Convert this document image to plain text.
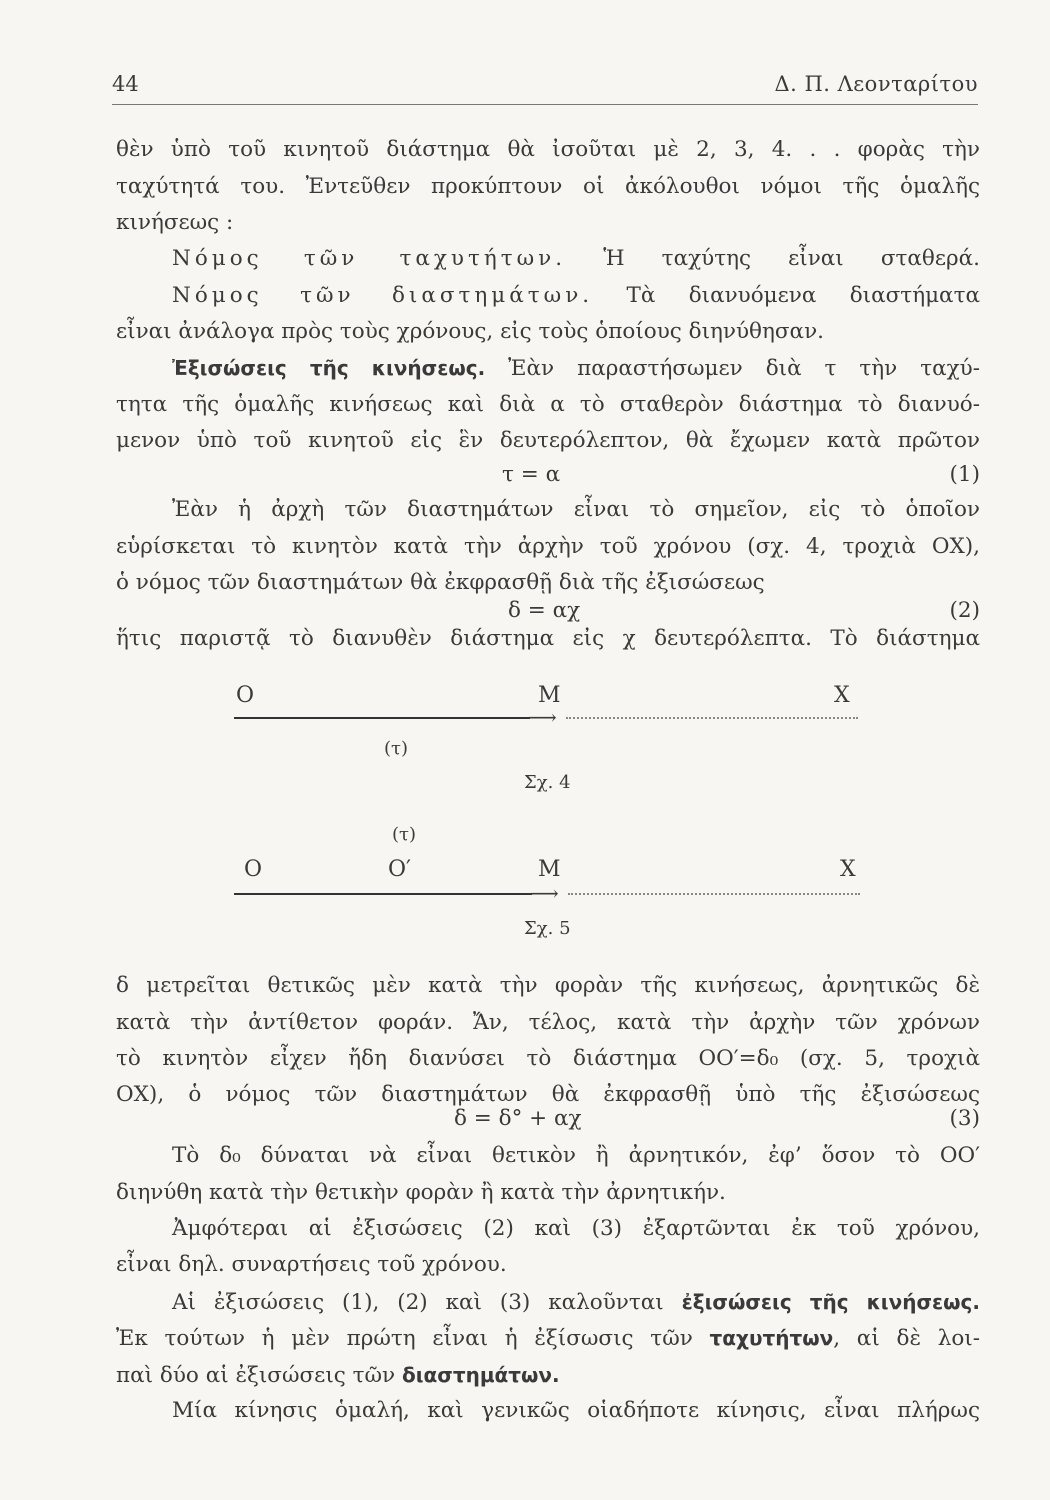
44	Δ. Π. Λεονταρίτου
θὲν ὑπὸ τοῦ κινητοῦ διάστημα θὰ ἰσοῦται μὲ 2, 3, 4. . . φορὰς τὴν
ταχύτητά του. Ἐντεῦθεν προκύπτουν οἱ ἀκόλουθοι νόμοι τῆς ὁμαλῆς
κινήσεως :
Νόμος τῶν ταχυτήτων. Ἡ ταχύτης εἶναι σταθερά.
Νόμος τῶν διαστημάτων. Τὰ διανυόμενα διαστήματα
εἶναι ἀνάλογα πρὸς τοὺς χρόνους, εἰς τοὺς ὁποίους διηνύθησαν.
Ἐξισώσεις τῆς κινήσεως. Ἐὰν παραστήσωμεν διὰ τ τὴν ταχύ-
τητα τῆς ὁμαλῆς κινήσεως καὶ διὰ α τὸ σταθερὸν διάστημα τὸ διανυό-
μενον ὑπὸ τοῦ κινητοῦ εἰς ἓν δευτερόλεπτον, θὰ ἔχωμεν κατὰ πρῶτον
τ = α	(1)
Ἐὰν ἡ ἀρχὴ τῶν διαστημάτων εἶναι τὸ σημεῖον, εἰς τὸ ὁποῖον
εὑρίσκεται τὸ κινητὸν κατὰ τὴν ἀρχὴν τοῦ χρόνου (σχ. 4, τροχιὰ ΟΧ),
ὁ νόμος τῶν διαστημάτων θὰ ἐκφρασθῇ διὰ τῆς ἐξισώσεως
δ = αχ	(2)
ἥτις παριστᾷ τὸ διανυθὲν διάστημα εἰς χ δευτερόλεπτα. Τὸ διάστημα
O	M	X
⟶
(τ)
Σχ. 4
(τ)
O	O′	M	X
⟶
Σχ. 5
δ μετρεῖται θετικῶς μὲν κατὰ τὴν φορὰν τῆς κινήσεως, ἀρνητικῶς δὲ
κατὰ τὴν ἀντίθετον φοράν. Ἄν, τέλος, κατὰ τὴν ἀρχὴν τῶν χρόνων
τὸ κινητὸν εἶχεν ἤδη διανύσει τὸ διάστημα ΟΟ′=δ₀ (σχ. 5, τροχιὰ
ΟΧ), ὁ νόμος τῶν διαστημάτων θὰ ἐκφρασθῇ ὑπὸ τῆς ἐξισώσεως
δ = δ° + αχ	(3)
Τὸ δ₀ δύναται νὰ εἶναι θετικὸν ἢ ἀρνητικόν, ἐφ’ ὅσον τὸ ΟΟ′
διηνύθη κατὰ τὴν θετικὴν φορὰν ἢ κατὰ τὴν ἀρνητικήν.
Ἀμφότεραι αἱ ἐξισώσεις (2) καὶ (3) ἐξαρτῶνται ἐκ τοῦ χρόνου,
εἶναι δηλ. συναρτήσεις τοῦ χρόνου.
Αἱ ἐξισώσεις (1), (2) καὶ (3) καλοῦνται ἐξισώσεις τῆς κινήσεως.
Ἐκ τούτων ἡ μὲν πρώτη εἶναι ἡ ἐξίσωσις τῶν ταχυτήτων, αἱ δὲ λοι-
παὶ δύο αἱ ἐξισώσεις τῶν διαστημάτων.
Μία κίνησις ὁμαλή, καὶ γενικῶς οἱαδήποτε κίνησις, εἶναι πλήρως
